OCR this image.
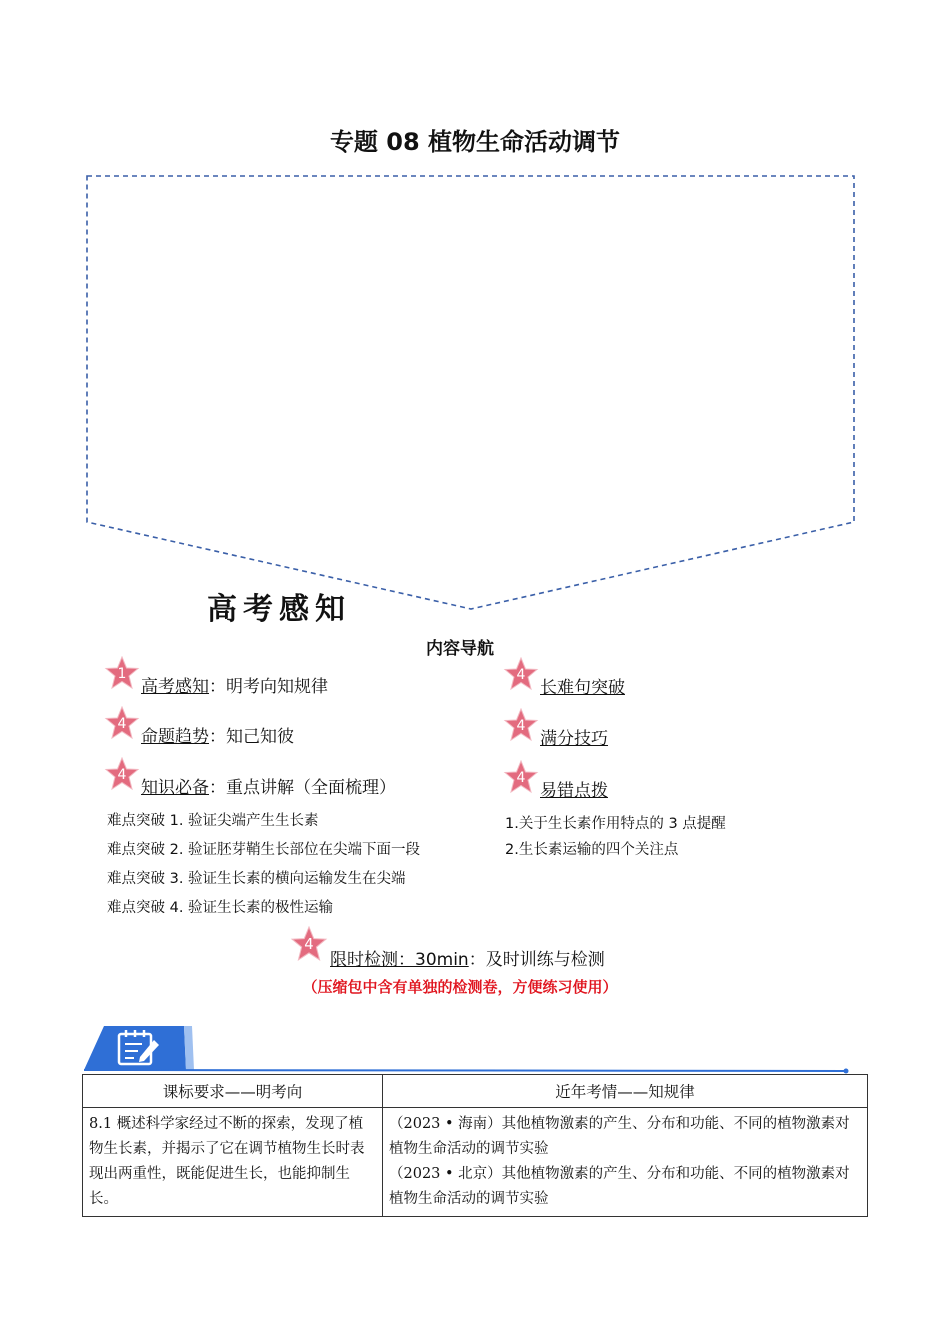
专题 08 植物生命活动调节
高考感知
内容导航
1
高考感知：明考向知规律
4
命题趋势：知己知彼
4
知识必备：重点讲解（全面梳理）
4
长难句突破
4
满分技巧
4
易错点拨
难点突破 1. 验证尖端产生生长素
难点突破 2. 验证胚芽鞘生长部位在尖端下面一段
难点突破 3. 验证生长素的横向运输发生在尖端
难点突破 4. 验证生长素的极性运输
1.关于生长素作用特点的 3 点提醒
2.生长素运输的四个关注点
4
限时检测：30min：及时训练与检测
（压缩包中含有单独的检测卷，方便练习使用）
课标要求——明考向	近年考情——知规律
8.1 概述科学家经过不断的探索，发现了植物生长素，并揭示了它在调节植物生长时表现出两重性，既能促进生长，也能抑制生长。	（2023 • 海南）其他植物激素的产生、分布和功能、不同的植物激素对植物生命活动的调节实验
（2023 • 北京）其他植物激素的产生、分布和功能、不同的植物激素对植物生命活动的调节实验
